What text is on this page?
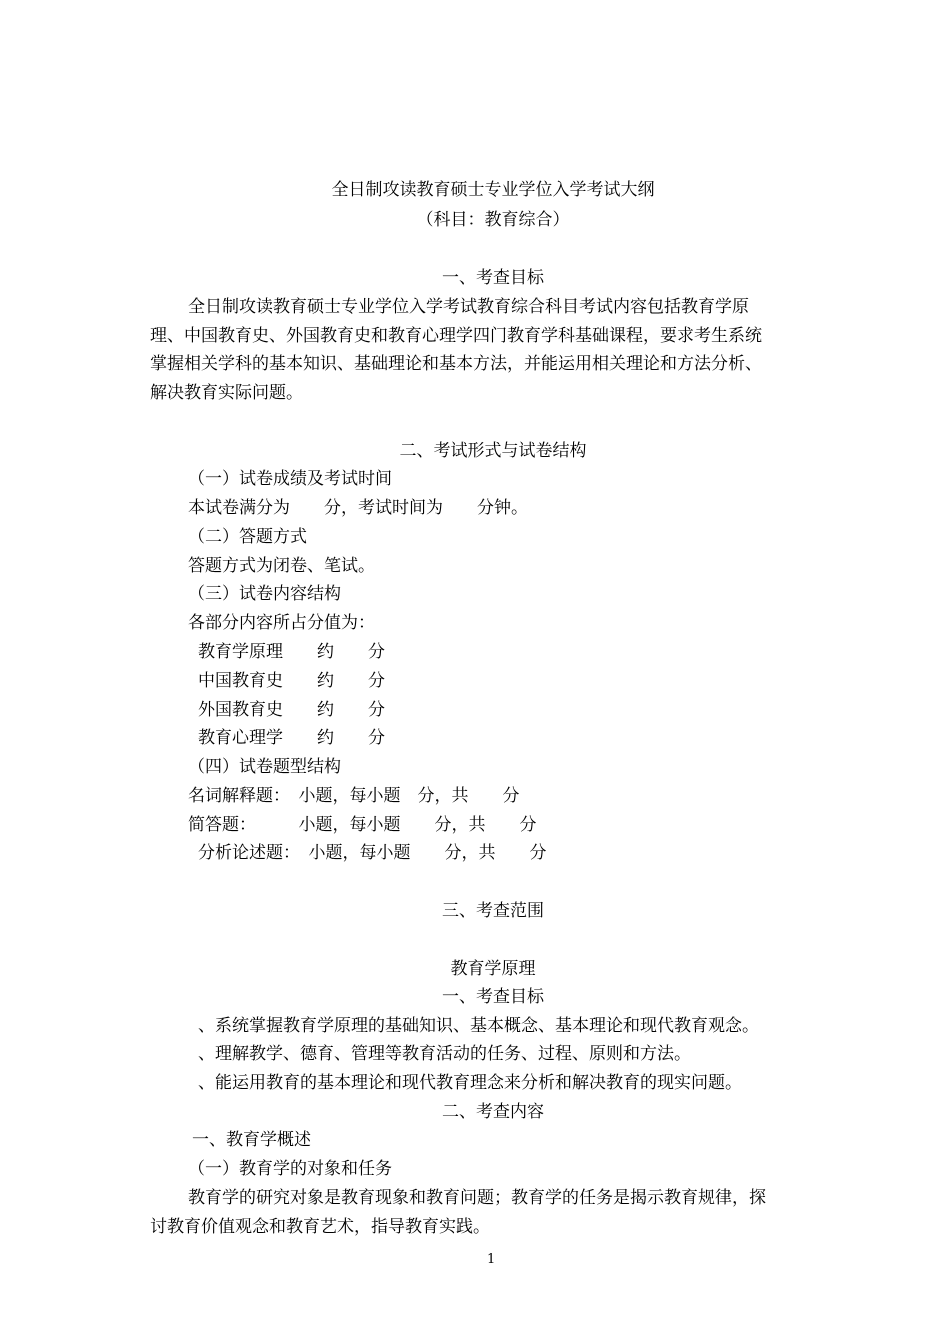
全日制攻读教育硕士专业学位入学考试大纲
（科目：教育综合）
一、考查目标
全日制攻读教育硕士专业学位入学考试教育综合科目考试内容包括教育学原
理、中国教育史、外国教育史和教育心理学四门教育学科基础课程，要求考生系统
掌握相关学科的基本知识、基础理论和基本方法，并能运用相关理论和方法分析、
解决教育实际问题。
二、考试形式与试卷结构
（一）试卷成绩及考试时间
本试卷满分为　　分，考试时间为　　分钟。
（二）答题方式
答题方式为闭卷、笔试。
（三）试卷内容结构
各部分内容所占分值为：
教育学原理　　约　　分
中国教育史　　约　　分
外国教育史　　约　　分
教育心理学　　约　　分
（四）试卷题型结构
名词解释题：　小题，每小题　分，共　　分
简答题：　　　小题，每小题　　分，共　　分
分析论述题：　小题，每小题　　分，共　　分
三、考查范围
教育学原理
一、考查目标
、系统掌握教育学原理的基础知识、基本概念、基本理论和现代教育观念。
、理解教学、德育、管理等教育活动的任务、过程、原则和方法。
、能运用教育的基本理论和现代教育理念来分析和解决教育的现实问题。
二、考查内容
一、教育学概述
（一）教育学的对象和任务
教育学的研究对象是教育现象和教育问题；教育学的任务是揭示教育规律，探
讨教育价值观念和教育艺术，指导教育实践。
1
